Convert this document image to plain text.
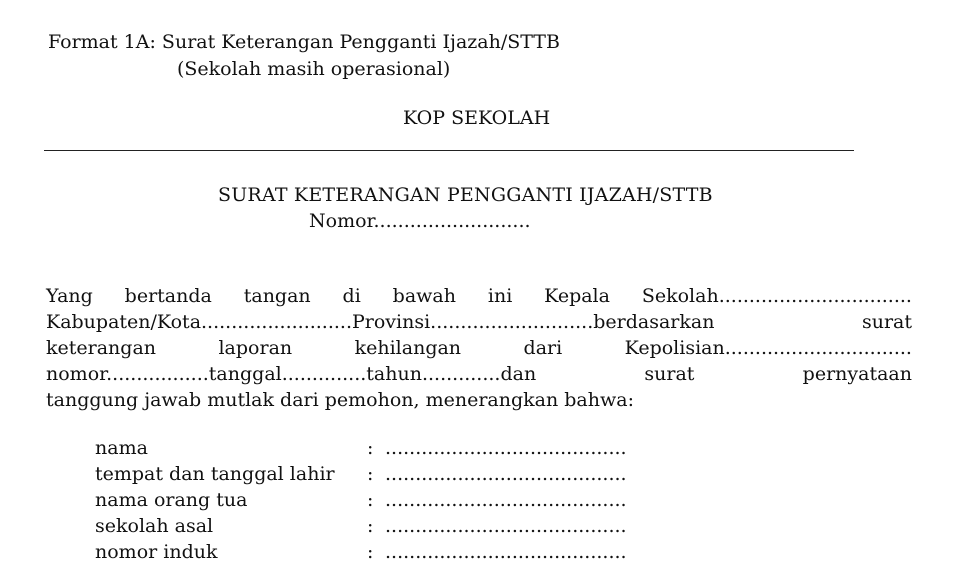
Format 1A: Surat Keterangan Pengganti Ijazah/STTB
(Sekolah masih operasional)
KOP SEKOLAH
SURAT KETERANGAN PENGGANTI IJAZAH/STTB
Nomor..........................
Yang bertanda tangan di bawah ini Kepala Sekolah................................
Kabupaten/Kota.........................Provinsi...........................berdasarkan	surat
keterangan	laporan	kehilangan	dari	Kepolisian...............................
nomor.................tanggal..............tahun.............dan	surat	pernyataan
tanggung jawab mutlak dari pemohon, menerangkan bahwa:
nama	: ........................................
tempat dan tanggal lahir : ........................................
nama orang tua	: ........................................
sekolah asal	: ........................................
nomor induk	: ........................................
